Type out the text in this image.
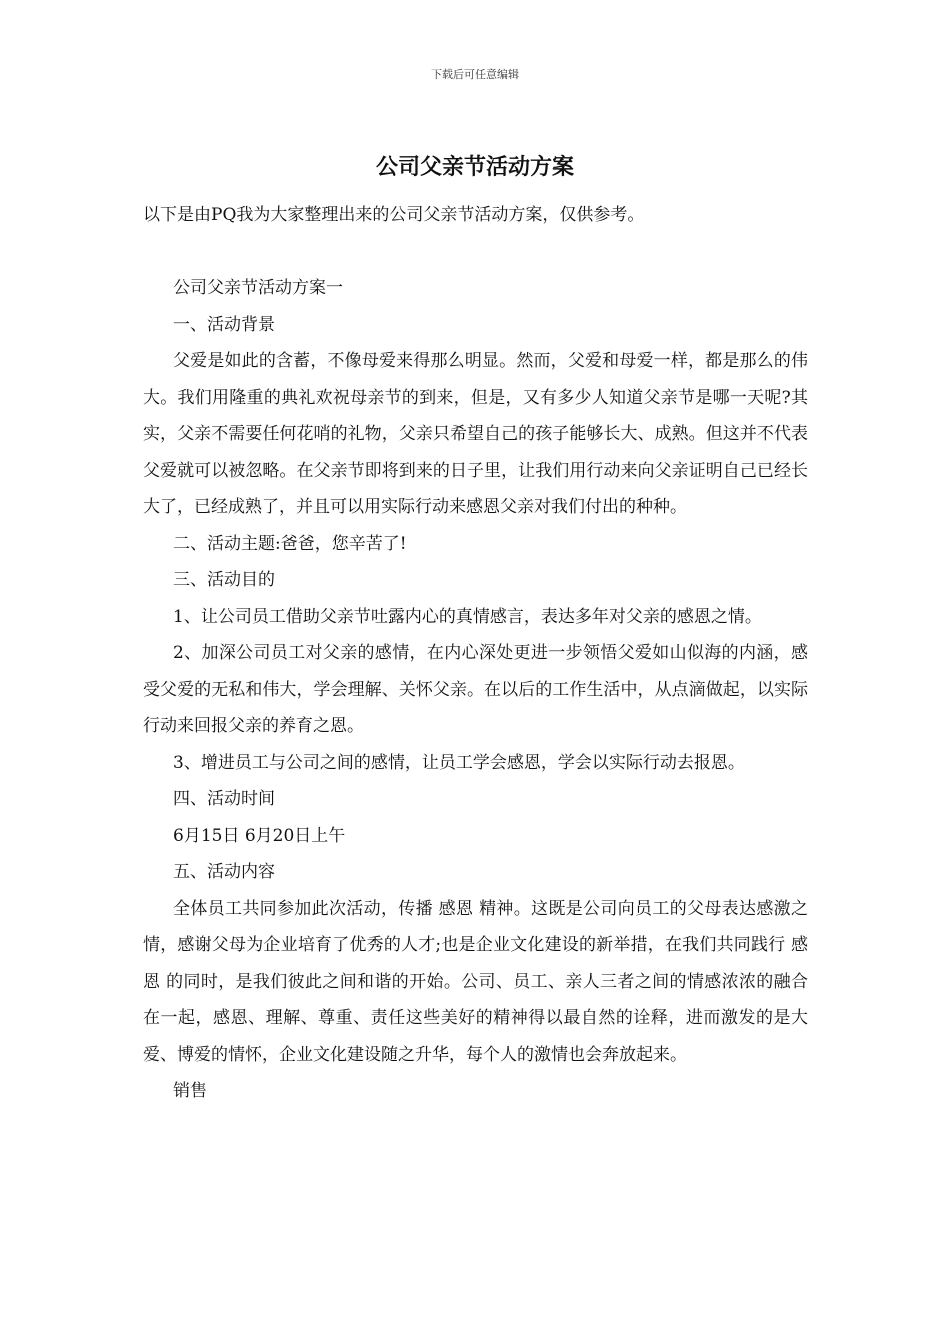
下载后可任意编辑
公司父亲节活动方案

以下是由PQ我为大家整理出来的公司父亲节活动方案，仅供参考。

公司父亲节活动方案一

一、活动背景

父爱是如此的含蓄，不像母爱来得那么明显。然而，父爱和母爱一样，都是那么的伟大。我们用隆重的典礼欢祝母亲节的到来，但是，又有多少人知道父亲节是哪一天呢?其实，父亲不需要任何花哨的礼物，父亲只希望自己的孩子能够长大、成熟。但这并不代表父爱就可以被忽略。在父亲节即将到来的日子里，让我们用行动来向父亲证明自己已经长大了，已经成熟了，并且可以用实际行动来感恩父亲对我们付出的种种。

二、活动主题:爸爸，您辛苦了!

三、活动目的

1、让公司员工借助父亲节吐露内心的真情感言，表达多年对父亲的感恩之情。

2、加深公司员工对父亲的感情，在内心深处更进一步领悟父爱如山似海的内涵，感受父爱的无私和伟大，学会理解、关怀父亲。在以后的工作生活中，从点滴做起，以实际行动来回报父亲的养育之恩。

3、增进员工与公司之间的感情，让员工学会感恩，学会以实际行动去报恩。

四、活动时间

6月15日 6月20日上午

五、活动内容

全体员工共同参加此次活动，传播 感恩 精神。这既是公司向员工的父母表达感激之情，感谢父母为企业培育了优秀的人才;也是企业文化建设的新举措，在我们共同践行 感恩 的同时，是我们彼此之间和谐的开始。公司、员工、亲人三者之间的情感浓浓的融合在一起，感恩、理解、尊重、责任这些美好的精神得以最自然的诠释，进而激发的是大爱、博爱的情怀，企业文化建设随之升华，每个人的激情也会奔放起来。

销售
